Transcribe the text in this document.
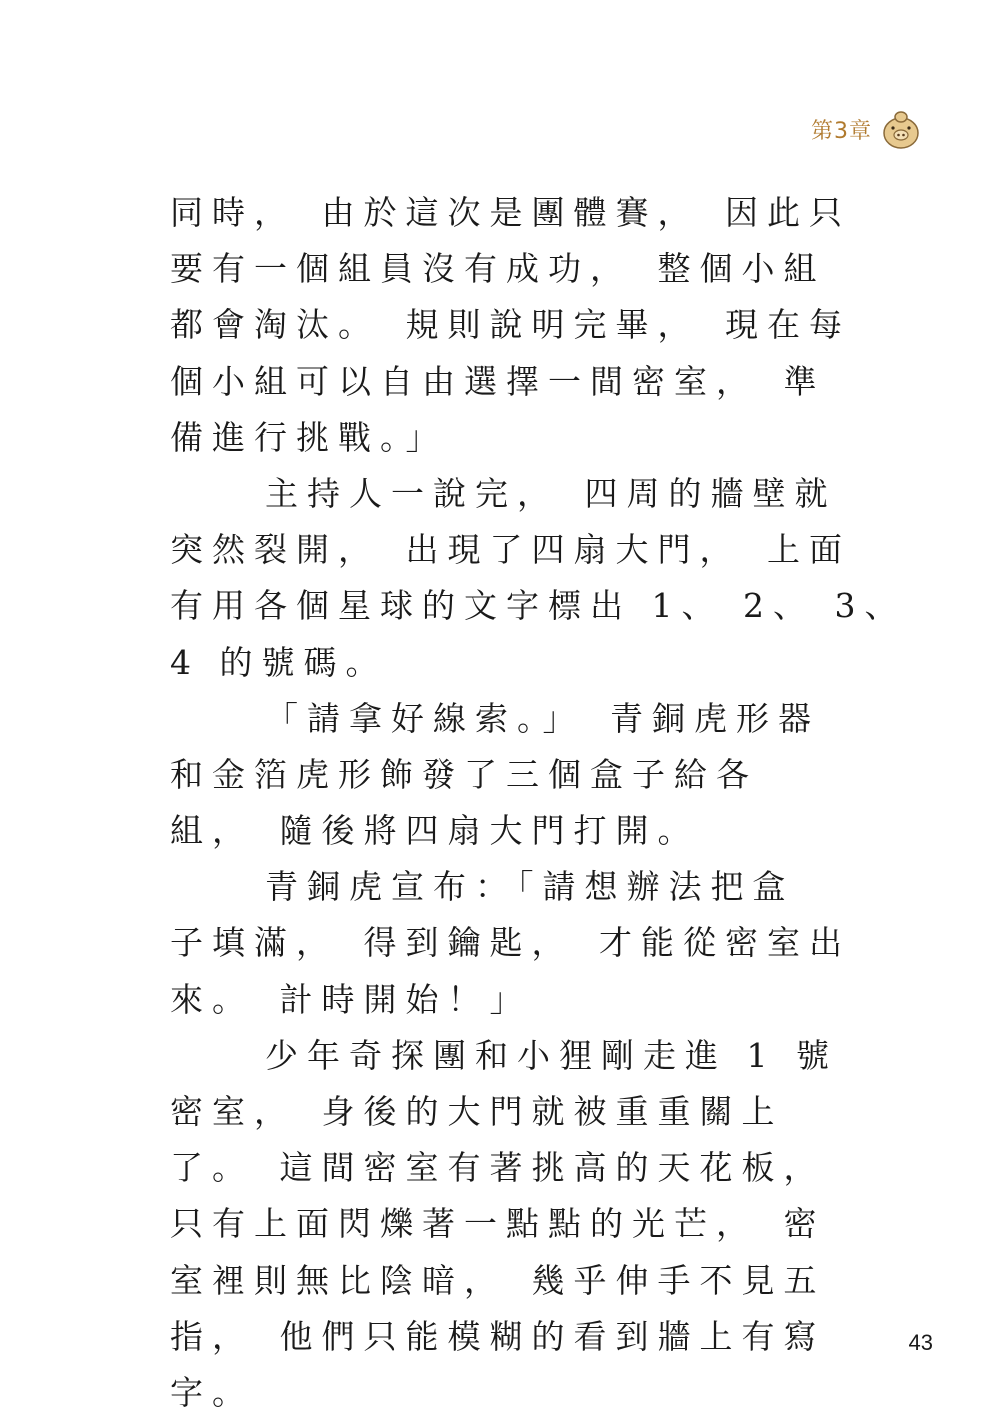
第3章
同時，　由於這次是團體賽，　因此只
要有一個組員沒有成功，　整個小組
都會淘汰。　規則說明完畢，　現在每
個小組可以自由選擇一間密室，　準
備進行挑戰。」
主持人一說完，　四周的牆壁就
突然裂開，　出現了四扇大門，　上面
有用各個星球的文字標出 1、 2、 3、
4 的號碼。
「請拿好線索。」　青銅虎形器
和金箔虎形飾發了三個盒子給各
組，　隨後將四扇大門打開。
青銅虎宣布：「請想辦法把盒
子填滿，　得到鑰匙，　才能從密室出
來。　計時開始！」
少年奇探團和小狸剛走進 1 號
密室，　身後的大門就被重重關上
了。　這間密室有著挑高的天花板，
只有上面閃爍著一點點的光芒，　密
室裡則無比陰暗，　幾乎伸手不見五
指，　他們只能模糊的看到牆上有寫
字。
43
